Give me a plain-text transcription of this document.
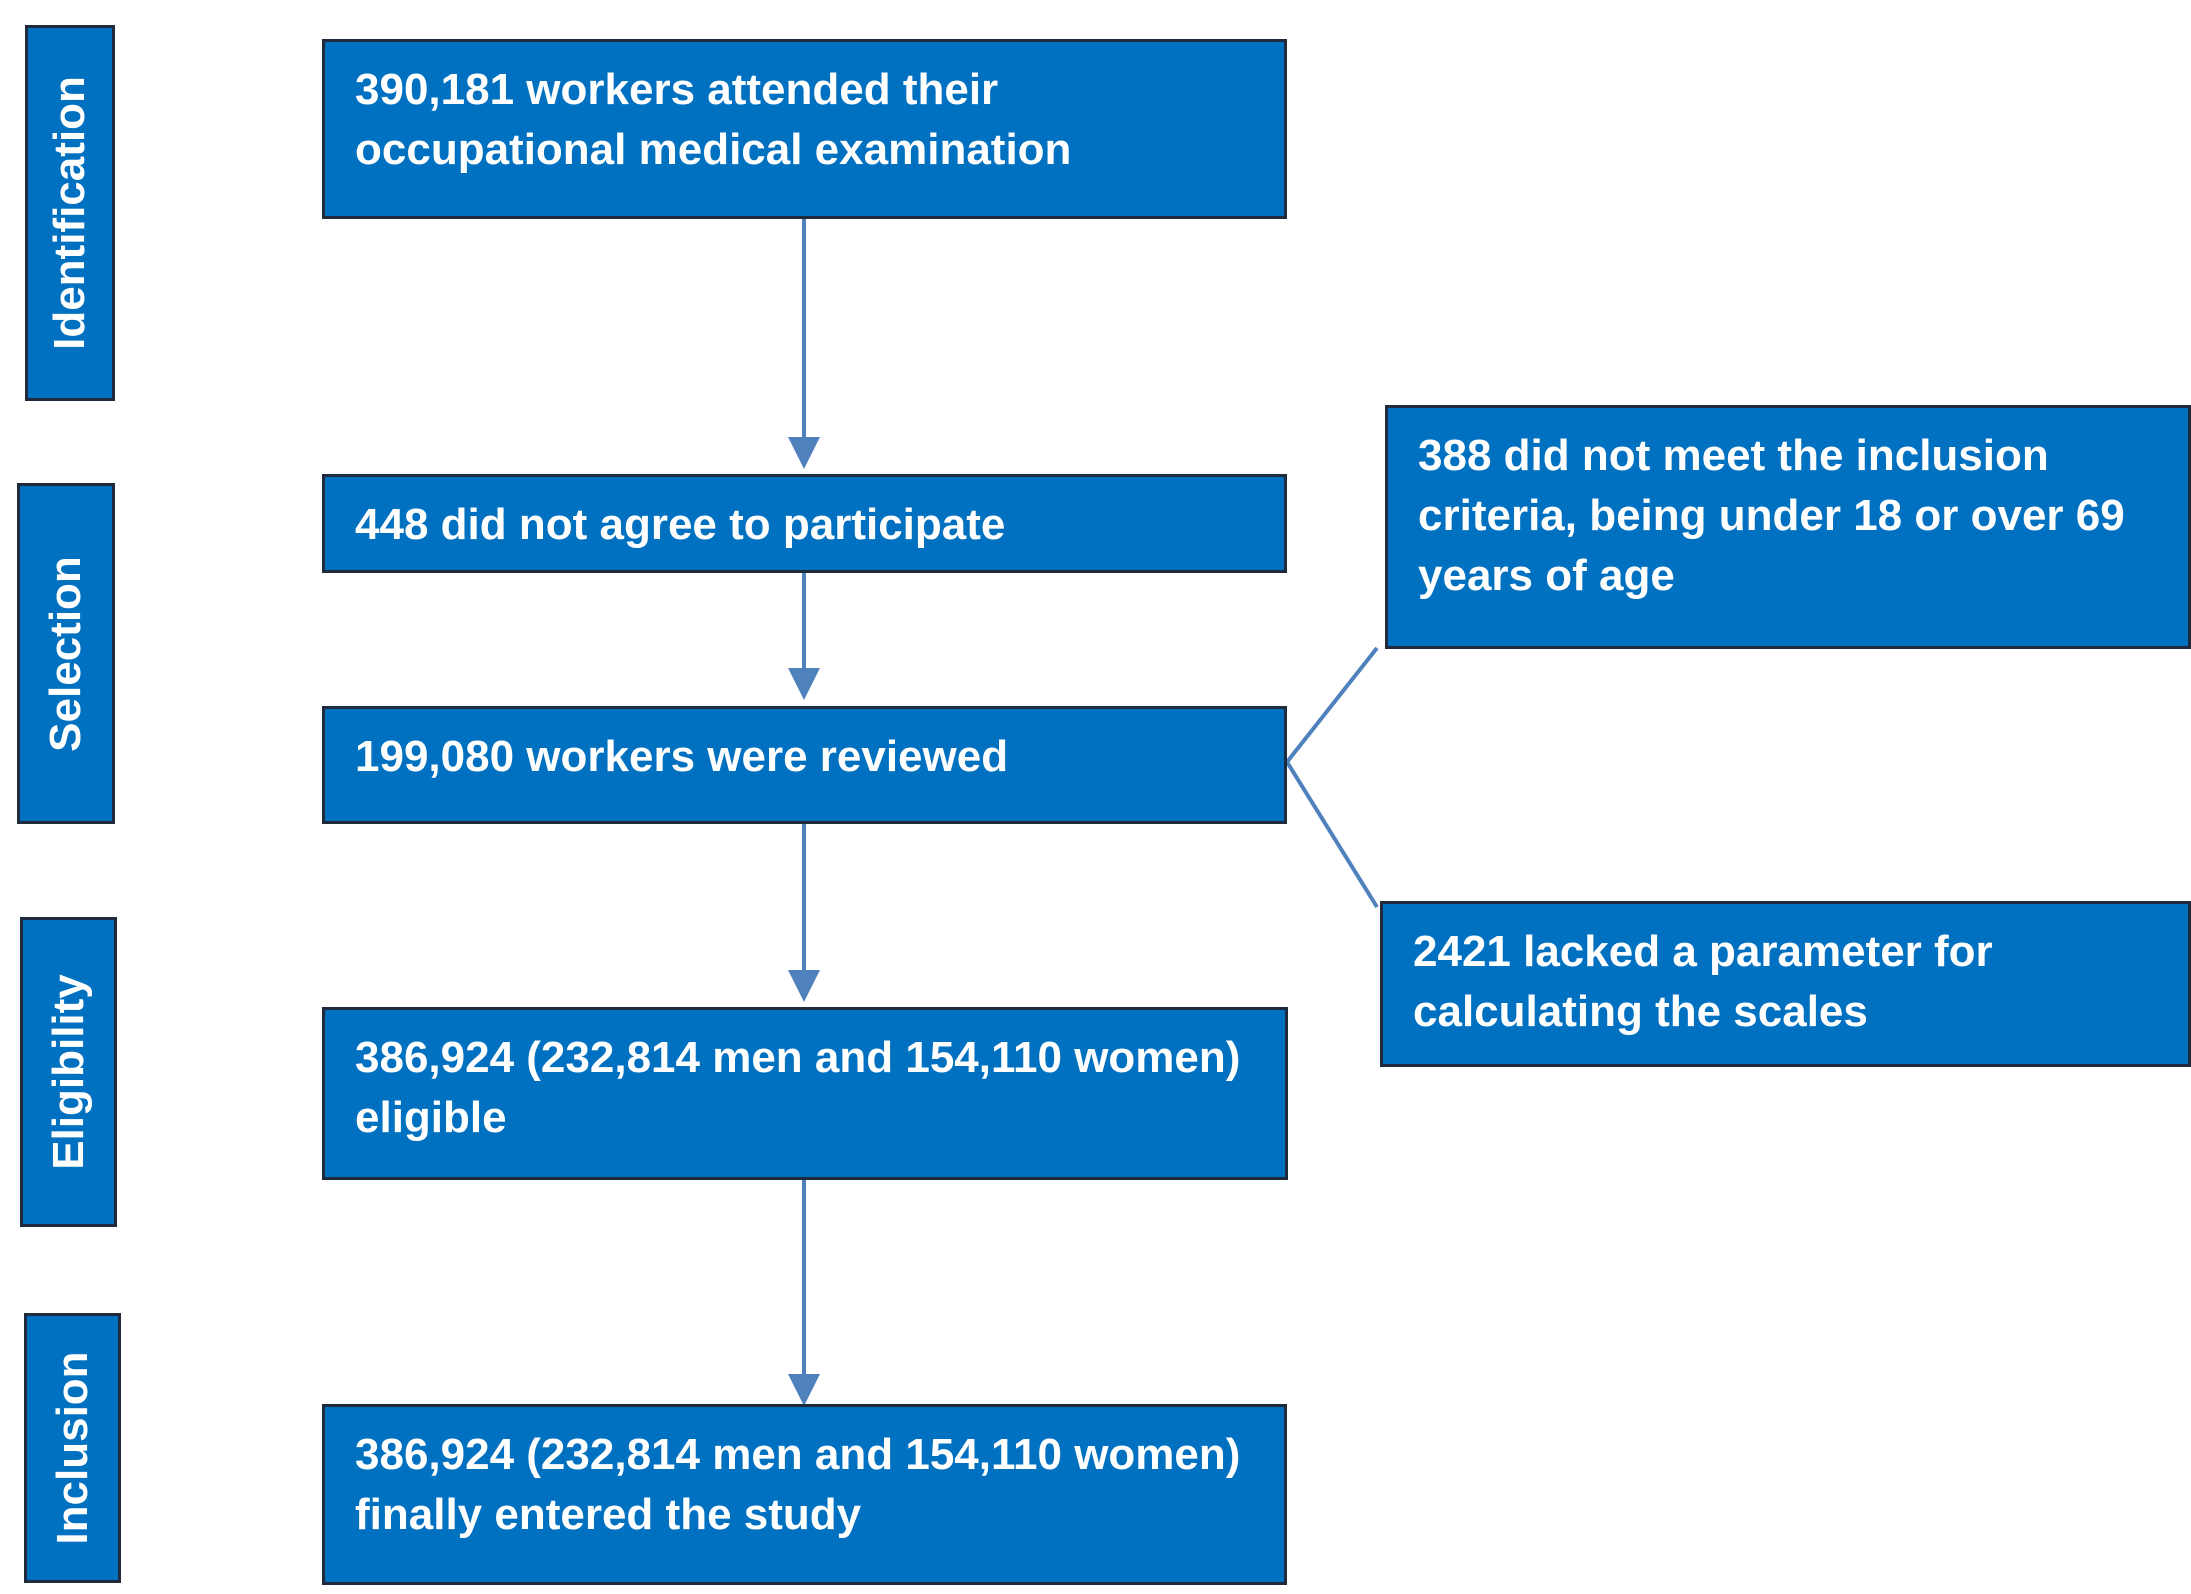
Identification
Selection
Eligibility
Inclusion
390,181 workers attended their occupational medical examination
448 did not agree to participate
199,080 workers were reviewed
386,924 (232,814 men and 154,110 women) eligible
386,924 (232,814 men and 154,110 women) finally entered the study
388 did not meet the inclusion criteria, being under 18 or over 69 years of age
2421 lacked a parameter for calculating the scales
